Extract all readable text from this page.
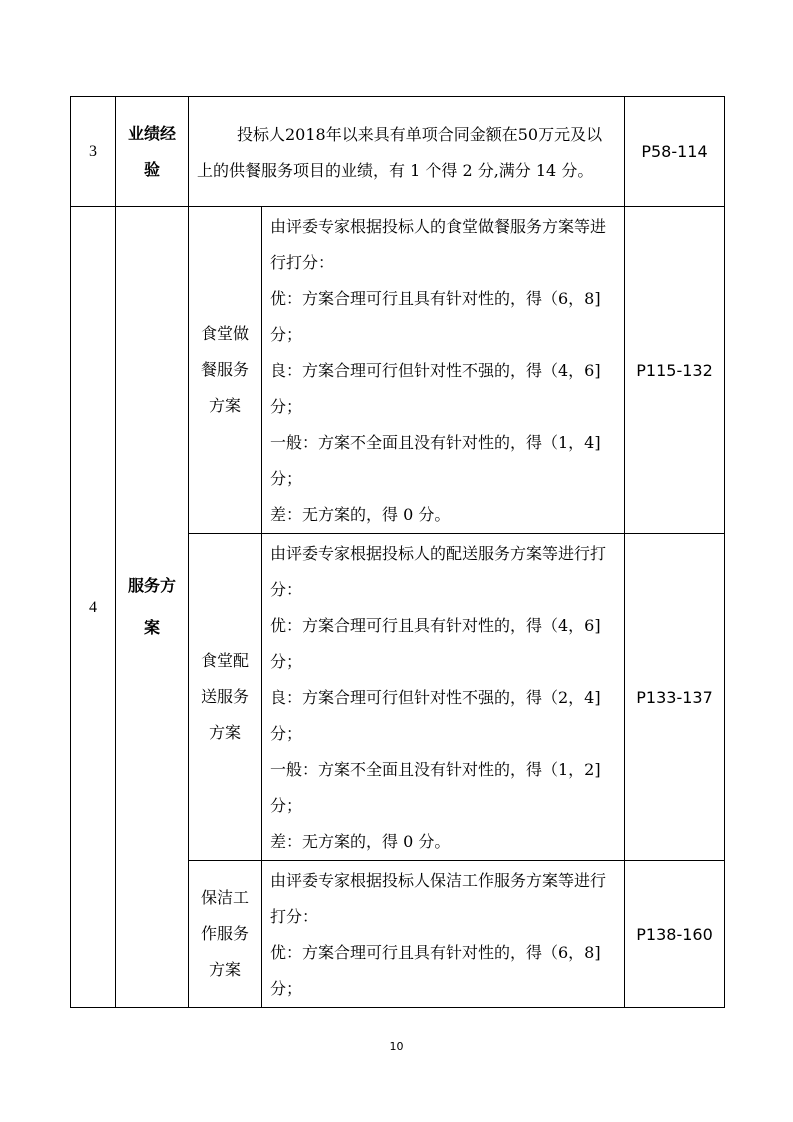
3	业绩经验	投标人2018年以来具有单项合同金额在50万元及以上的供餐服务项目的业绩，有 1 个得 2 分,满分 14 分。		P58-114
4	服务方案	食堂做餐服务方案	由评委专家根据投标人的食堂做餐服务方案等进行打分：

优：方案合理可行且具有针对性的，得（6，8]分；

良：方案合理可行但针对性不强的，得（4，6]分；

一般：方案不全面且没有针对性的，得（1，4]分；

差：无方案的，得 0 分。	P115-132
		食堂配送服务方案	由评委专家根据投标人的配送服务方案等进行打分：

优：方案合理可行且具有针对性的，得（4，6]分；

良：方案合理可行但针对性不强的，得（2，4]分；

一般：方案不全面且没有针对性的，得（1，2]分；

差：无方案的，得 0 分。	P133-137
		保洁工作服务方案	由评委专家根据投标人保洁工作服务方案等进行打分：

优：方案合理可行且具有针对性的，得（6，8]分；	P138-160
10
